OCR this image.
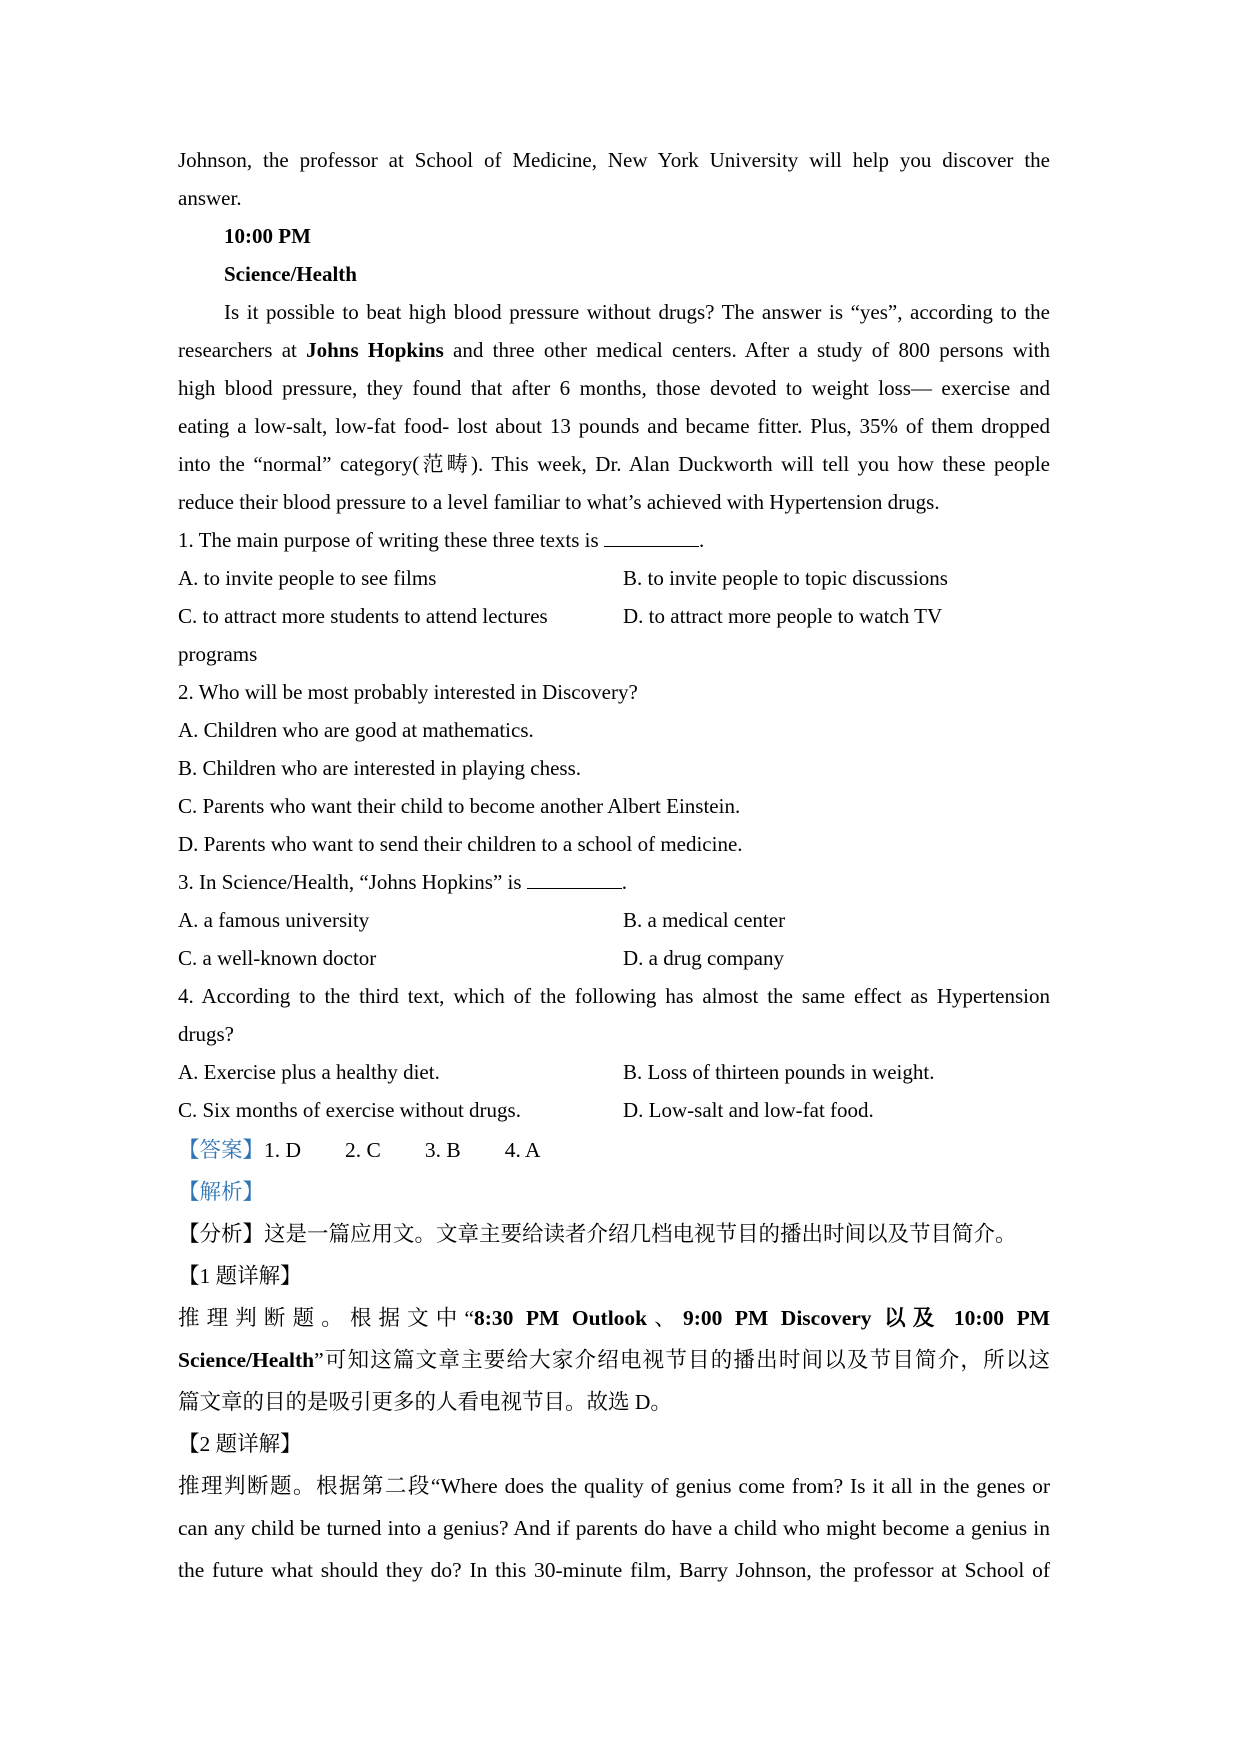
Johnson, the professor at School of Medicine, New York University will help you discover the
answer.
10:00 PM
Science/Health
Is it possible to beat high blood pressure without drugs? The answer is “yes”, according to the
researchers at Johns Hopkins and three other medical centers. After a study of 800 persons with
high blood pressure, they found that after 6 months, those devoted to weight loss— exercise and
eating a low-salt, low-fat food- lost about 13 pounds and became fitter. Plus, 35% of them dropped
into the “normal” category(范畴). This week, Dr. Alan Duckworth will tell you how these people
reduce their blood pressure to a level familiar to what’s achieved with Hypertension drugs.
1. The main purpose of writing these three texts is	.
A. to invite people to see films	B. to invite people to topic discussions
C. to attract more students to attend lectures	D. to attract more people to watch TV
programs
2. Who will be most probably interested in Discovery?
A. Children who are good at mathematics.
B. Children who are interested in playing chess.
C. Parents who want their child to become another Albert Einstein.
D. Parents who want to send their children to a school of medicine.
3. In Science/Health, “Johns Hopkins” is	.
A. a famous university	B. a medical center
C. a well-known doctor	D. a drug company
4. According to the third text, which of the following has almost the same effect as Hypertension
drugs?
A. Exercise plus a healthy diet.	B. Loss of thirteen pounds in weight.
C. Six months of exercise without drugs.	D. Low-salt and low-fat food.
【答案】1. D 2. C 3. B 4. A
【解析】
【分析】这是一篇应用文。文章主要给读者介绍几档电视节目的播出时间以及节目简介。
【1 题详解】
推理判断题。根据文中“8:30 PM Outlook、9:00 PM Discovery 以及 10:00 PM
Science/Health”可知这篇文章主要给大家介绍电视节目的播出时间以及节目简介，所以这
篇文章的目的是吸引更多的人看电视节目。故选 D。
【2 题详解】
推理判断题。根据第二段“Where does the quality of genius come from? Is it all in the genes or
can any child be turned into a genius? And if parents do have a child who might become a genius in
the future what should they do? In this 30-minute film, Barry Johnson, the professor at School of
